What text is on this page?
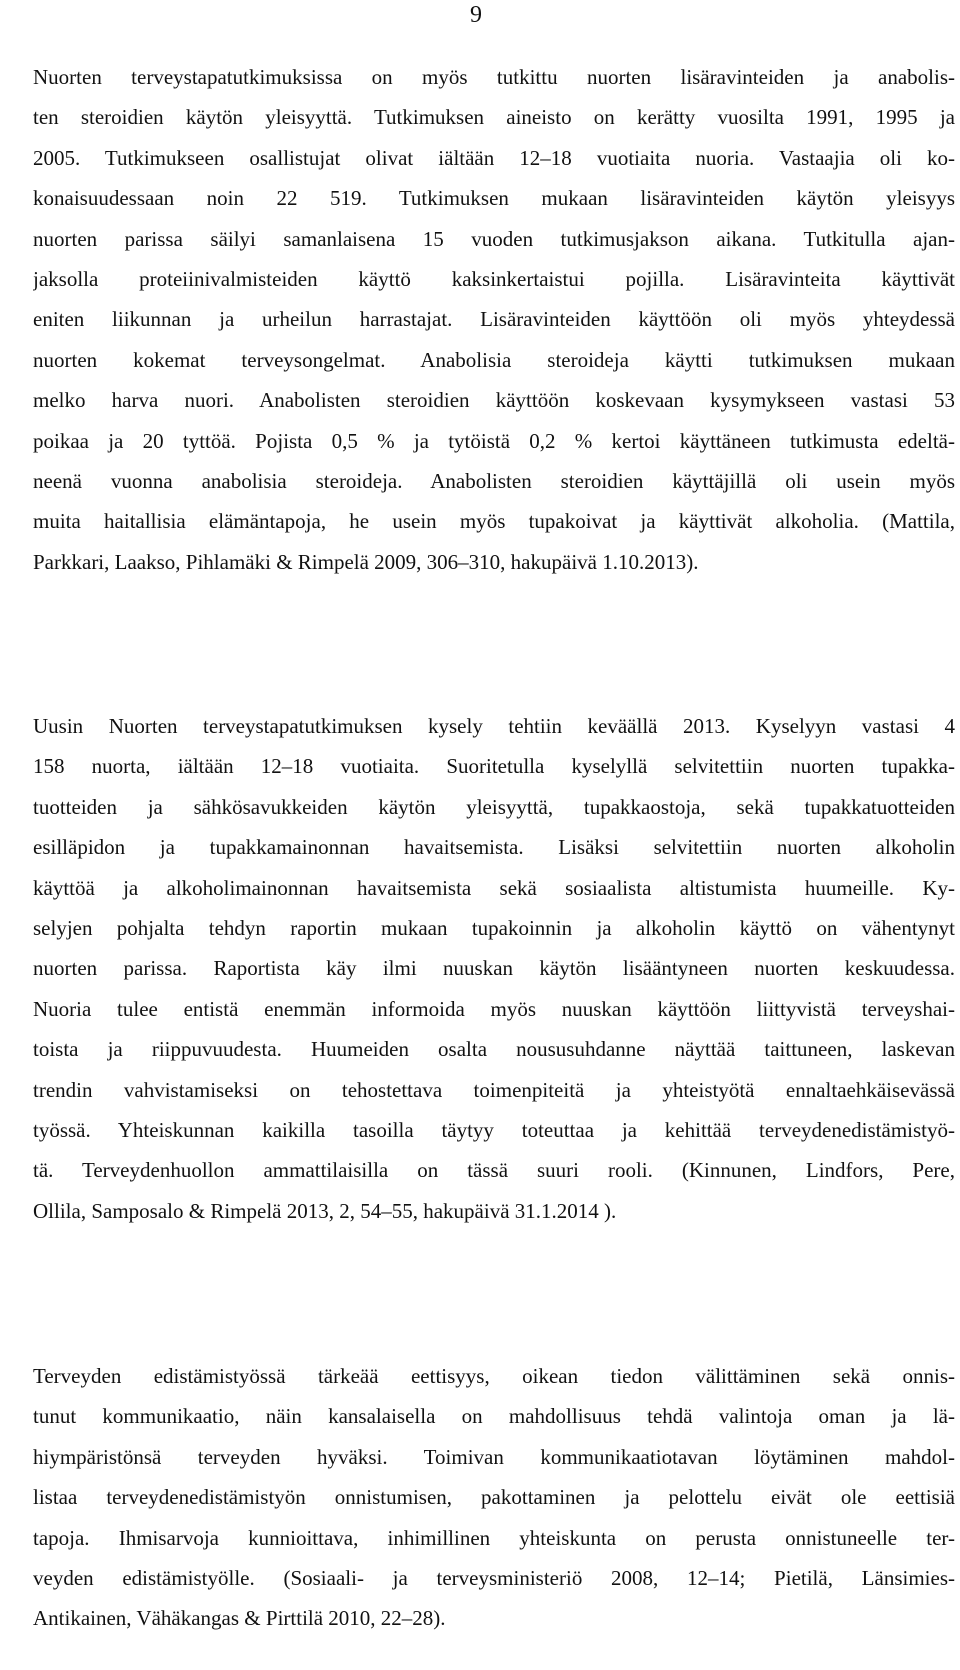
9
Nuorten terveystapatutkimuksissa on myös tutkittu nuorten lisäravinteiden ja anabolis-
ten steroidien käytön yleisyyttä. Tutkimuksen aineisto on kerätty vuosilta 1991, 1995 ja
2005. Tutkimukseen osallistujat olivat iältään 12–18 vuotiaita nuoria. Vastaajia oli ko-
konaisuudessaan noin 22 519. Tutkimuksen mukaan lisäravinteiden käytön yleisyys
nuorten parissa säilyi samanlaisena 15 vuoden tutkimusjakson aikana. Tutkitulla ajan-
jaksolla proteiinivalmisteiden käyttö kaksinkertaistui pojilla. Lisäravinteita käyttivät
eniten liikunnan ja urheilun harrastajat. Lisäravinteiden käyttöön oli myös yhteydessä
nuorten kokemat terveysongelmat. Anabolisia steroideja käytti tutkimuksen mukaan
melko harva nuori. Anabolisten steroidien käyttöön koskevaan kysymykseen vastasi 53
poikaa ja 20 tyttöä. Pojista 0,5 % ja tytöistä 0,2 % kertoi käyttäneen tutkimusta edeltä-
neenä vuonna anabolisia steroideja. Anabolisten steroidien käyttäjillä oli usein myös
muita haitallisia elämäntapoja, he usein myös tupakoivat ja käyttivät alkoholia. (Mattila,
Parkkari, Laakso, Pihlamäki & Rimpelä 2009, 306–310, hakupäivä 1.10.2013).
Uusin Nuorten terveystapatutkimuksen kysely tehtiin keväällä 2013. Kyselyyn vastasi 4
158 nuorta, iältään 12–18 vuotiaita. Suoritetulla kyselyllä selvitettiin nuorten tupakka-
tuotteiden ja sähkösavukkeiden käytön yleisyyttä, tupakkaostoja, sekä tupakkatuotteiden
esilläpidon ja tupakkamainonnan havaitsemista. Lisäksi selvitettiin nuorten alkoholin
käyttöä ja alkoholimainonnan havaitsemista sekä sosiaalista altistumista huumeille. Ky-
selyjen pohjalta tehdyn raportin mukaan tupakoinnin ja alkoholin käyttö on vähentynyt
nuorten parissa. Raportista käy ilmi nuuskan käytön lisääntyneen nuorten keskuudessa.
Nuoria tulee entistä enemmän informoida myös nuuskan käyttöön liittyvistä terveyshai-
toista ja riippuvuudesta. Huumeiden osalta noususuhdanne näyttää taittuneen, laskevan
trendin vahvistamiseksi on tehostettava toimenpiteitä ja yhteistyötä ennaltaehkäisevässä
työssä. Yhteiskunnan kaikilla tasoilla täytyy toteuttaa ja kehittää terveydenedistämistyö-
tä. Terveydenhuollon ammattilaisilla on tässä suuri rooli. (Kinnunen, Lindfors, Pere,
Ollila, Samposalo & Rimpelä 2013, 2, 54–55, hakupäivä 31.1.2014 ).
Terveyden edistämistyössä tärkeää eettisyys, oikean tiedon välittäminen sekä onnis-
tunut kommunikaatio, näin kansalaisella on mahdollisuus tehdä valintoja oman ja lä-
hiympäristönsä terveyden hyväksi. Toimivan kommunikaatiotavan löytäminen mahdol-
listaa terveydenedistämistyön onnistumisen, pakottaminen ja pelottelu eivät ole eettisiä
tapoja. Ihmisarvoja kunnioittava, inhimillinen yhteiskunta on perusta onnistuneelle ter-
veyden edistämistyölle. (Sosiaali- ja terveysministeriö 2008, 12–14; Pietilä, Länsimies-
Antikainen, Vähäkangas & Pirttilä 2010, 22–28).
